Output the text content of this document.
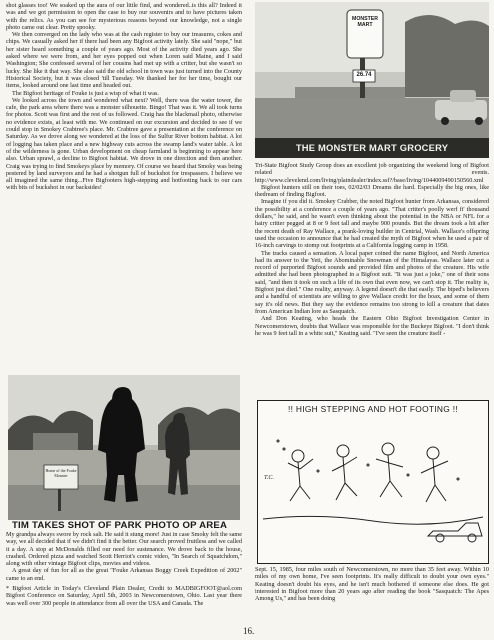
shot glasses too! We soaked up the aura of our little find, and wondered..is this all? Indeed it was and we got permission to open the case to buy our souvenirs and to have pictures taken with the relics. As you can see for mysterious reasons beyond our knowledge, not a single photo came out clear. Pretty spooky.

We then converged on the lady who was at the cash register to buy our treasures, cokes and chips. We casually asked her if there had been any Bigfoot activity lately. She said "nope," but her sister heard something a couple of years ago. Most of the activity died years ago. She asked where we were from, and her eyes popped out when Loren said Maine, and I said Washington; She confessed several of her cousins had met up with a critter, but she wasn't so lucky. She like it that way. She also said the old school in town was just turned into the County Historical Society, but it was closed 'till Tuesday. We thanked her for her time, bought our items, looked around one last time and headed out.

The Bigfoot heritage of Fouke is just a wisp of what it was.

We looked across the town and wondered what next? Well, there was the water tower, the cafe, the park area where there was a monster silhouette. Bingo! That was it. We all took turns for photos. Scott was first and the rest of us followed. Craig has the blackmail photo, otherwise no evidence exists, at least with me. We continued on our excursion and decided to see if we could stop in Smokey Crabtree's place. Mr. Crabtree gave a presentation at the conference on Saturday. As we drove along we wondered at the loss of the Sulfur River bottom habitat. A lot of logging has taken place and a new highway cuts across the swamp land's water table. A lot of the wilderness is gone. Urban development on cheap farmland is beginning to appear here also. Urban sprawl, a decline to Bigfoot habitat. We drove in one direction and then another. Craig was trying to find Smokeys place by memory. Of course we heard that Smoky was being pestered by land surveyors and he had a shotgun full of buckshot for trespassers. I believe we all imagined the same thing...Five Bigfooters high-stepping and hotfooting back to our cars with bits of buckshot in our backsides!

Home of the Fouke Monster
TIM TAKES SHOT OF PARK PHOTO OP AREA

My grandpa always swore by rock salt. He said it stung more! Just in case Smoky felt the same way, we all decided that if we didn't find it the better. Our search proved fruitless and we called it a day. A stop at McDonalds filled our need for sustenance. We drove back to the house, crashed. Ordered pizza and watched Scott Herriot's comic video, "In Search of Squatchdom," along with other vintage Bigfoot clips, movies and videos.

A great day of fun for all as the great "Fouke Arkansas Boggy Creek Expedition of 2002" came to an end.

* Bigfoot Article in Today's Cleveland Plain Dealer, Credit to MADBIGFOOT@aol.com Bigfoot Conference on Saturday, April 5th, 2003 in Newcomerstown, Ohio. Last year there was well over 300 people in attendance from all over the USA and Canada. The

MONSTER MART
26.74
THE MONSTER MART GROCERY

Tri-State Bigfoot Study Group does an excellent job organizing the weekend long of Bigfoot related events. http://www.clevelend.com/living/plaindealer/index.ssf?/base/living/1044009490150560.xml

Bigfoot hunters still on their toes, 02/02/03 Dreams die hard. Especially the big ones, like thedream of finding Bigfoot.

Imagine if you did it. Smokey Crabber, the noted Bigfoot hunter from Arkansas, considered the possibility at a conference a couple of years ago. "That critter's poolly werf fi' thousand dollars," he said, and he wasn't even thinking about the potential in the NBA or NFL for a hairy critter pegged at 8 or 9 feet tall and maybe 900 pounds. But the dream took a hit after the recent death of Ray Wallace, a prank-loving builder in Centrial, Wash. Wallace's offspring used the occasion to announce that he had created the myth of Bigfoot when he used a pair of 16-inch carvings to stomp out footprints at a California logging camp in 1958.

The tracks caused a sensation. A local paper coined the name Bigfoot, and North America had its answer to the Yeti, the Abominable Snowman of the Himalayas. Wallace later cut a record of purported Bigfoot sounds and provided film and photos of the creature. His wife admitted she had been photographed in a Bigfoot suit. "It was just a joke," one of their sons said, "and then it took on such a life of its own that even now, we can't stop it. The reality is, Bigfoot just died." One reality, anyway. A legend doesn't die that easily. The biped's believers and a handful of scientists are willing to give Wallace credit for the hoax, and some of them say it's old news. But they say the evidence remains too strong to kill a creature that dates from American Indian lore as Sasquatch.

And Don Keating, who heads the Eastern Ohio Bigfoot Investigation Center in Newcomerstown, doubts that Wallace was responsible for the Buckeye Bigfoot. "I don't think he was 9 feet tall in a white suit," Keating said. "I've seen the creature itself -

!! HIGH STEPPING AND HOT FOOTING !!
T.C.

Sept. 15, 1985, four miles south of Newcomerstown, no more than 35 feet away. Within 10 miles of my own home, I've seen footprints. It's really difficult to doubt your own eyes." Keating doesn't doubt his eyes, and he isn't much bothered if someone else does. He got interested in Bigfoot more than 20 years ago after reading the book "Sasquatch: The Apes Among Us," and has been doing

16.
